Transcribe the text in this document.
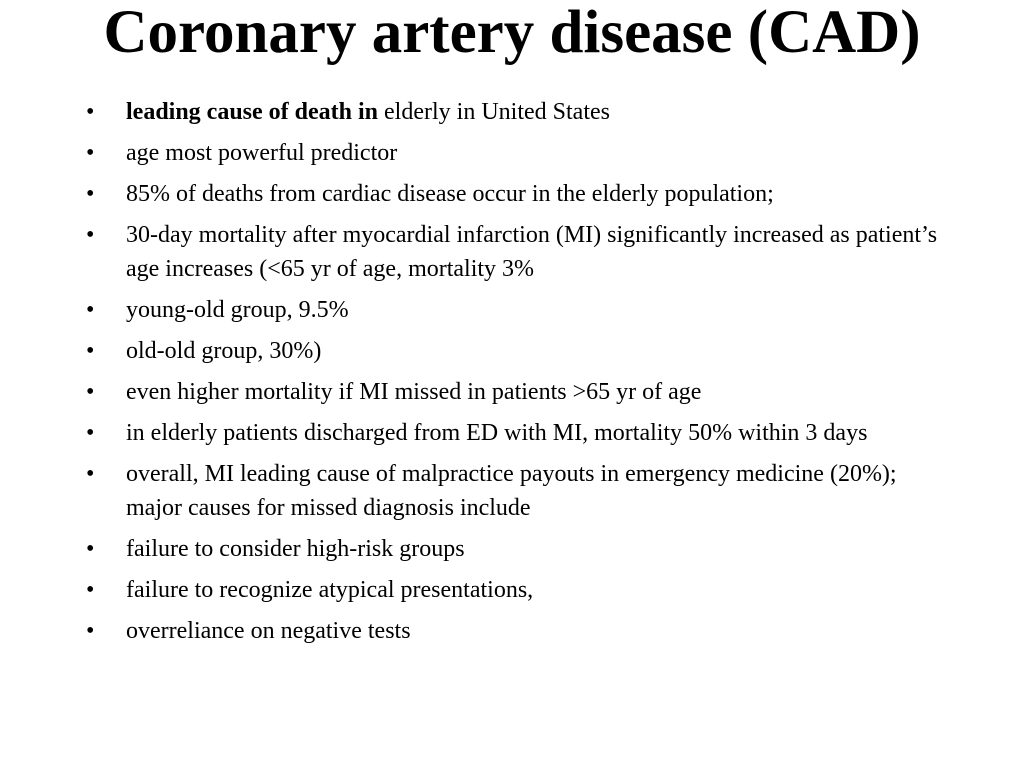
Coronary artery disease (CAD)
• leading cause of death in elderly in United States
• age most powerful predictor
• 85% of deaths from cardiac disease occur in the elderly population;
• 30-day mortality after myocardial infarction (MI) significantly increased as patient’s age increases (<65 yr of age, mortality 3%
• young-old group, 9.5%
• old-old group, 30%)
• even higher mortality if MI missed in patients >65 yr of age
• in elderly patients discharged from ED with MI, mortality 50% within 3 days
• overall, MI leading cause of malpractice payouts in emergency medicine (20%); major causes for missed diagnosis include
• failure to consider high-risk groups
• failure to recognize atypical presentations,
• overreliance on negative tests
